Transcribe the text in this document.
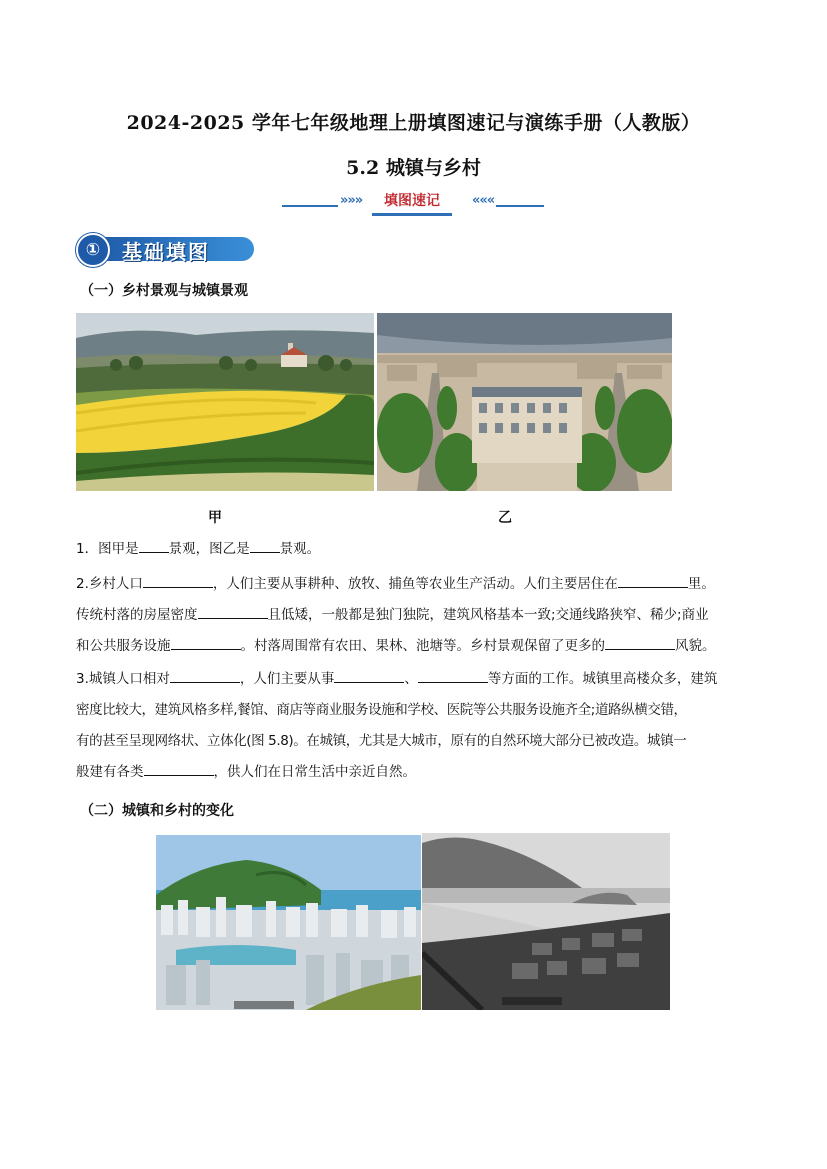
2024-2025 学年七年级地理上册填图速记与演练手册（人教版）
5.2 城镇与乡村
»»»	填图速记	«««
①	基础填图
（一）乡村景观与城镇景观
甲	乙
1．图甲是 景观，图乙是 景观。
2.乡村人口	，人们主要从事耕种、放牧、捕鱼等农业生产活动。人们主要居住在	里。
传统村落的房屋密度	且低矮，一般都是独门独院，建筑风格基本一致;交通线路狭窄、稀少;商业
和公共服务设施	。村落周围常有农田、果林、池塘等。乡村景观保留了更多的	风貌。
3.城镇人口相对	，人们主要从事	、	等方面的工作。城镇里高楼众多，建筑
密度比较大，建筑风格多样,餐馆、商店等商业服务设施和学校、医院等公共服务设施齐全;道路纵横交错，
有的甚至呈现网络状、立体化(图 5.8)。在城镇，尤其是大城市，原有的自然环境大部分已被改造。城镇一
般建有各类	，供人们在日常生活中亲近自然。
（二）城镇和乡村的变化
